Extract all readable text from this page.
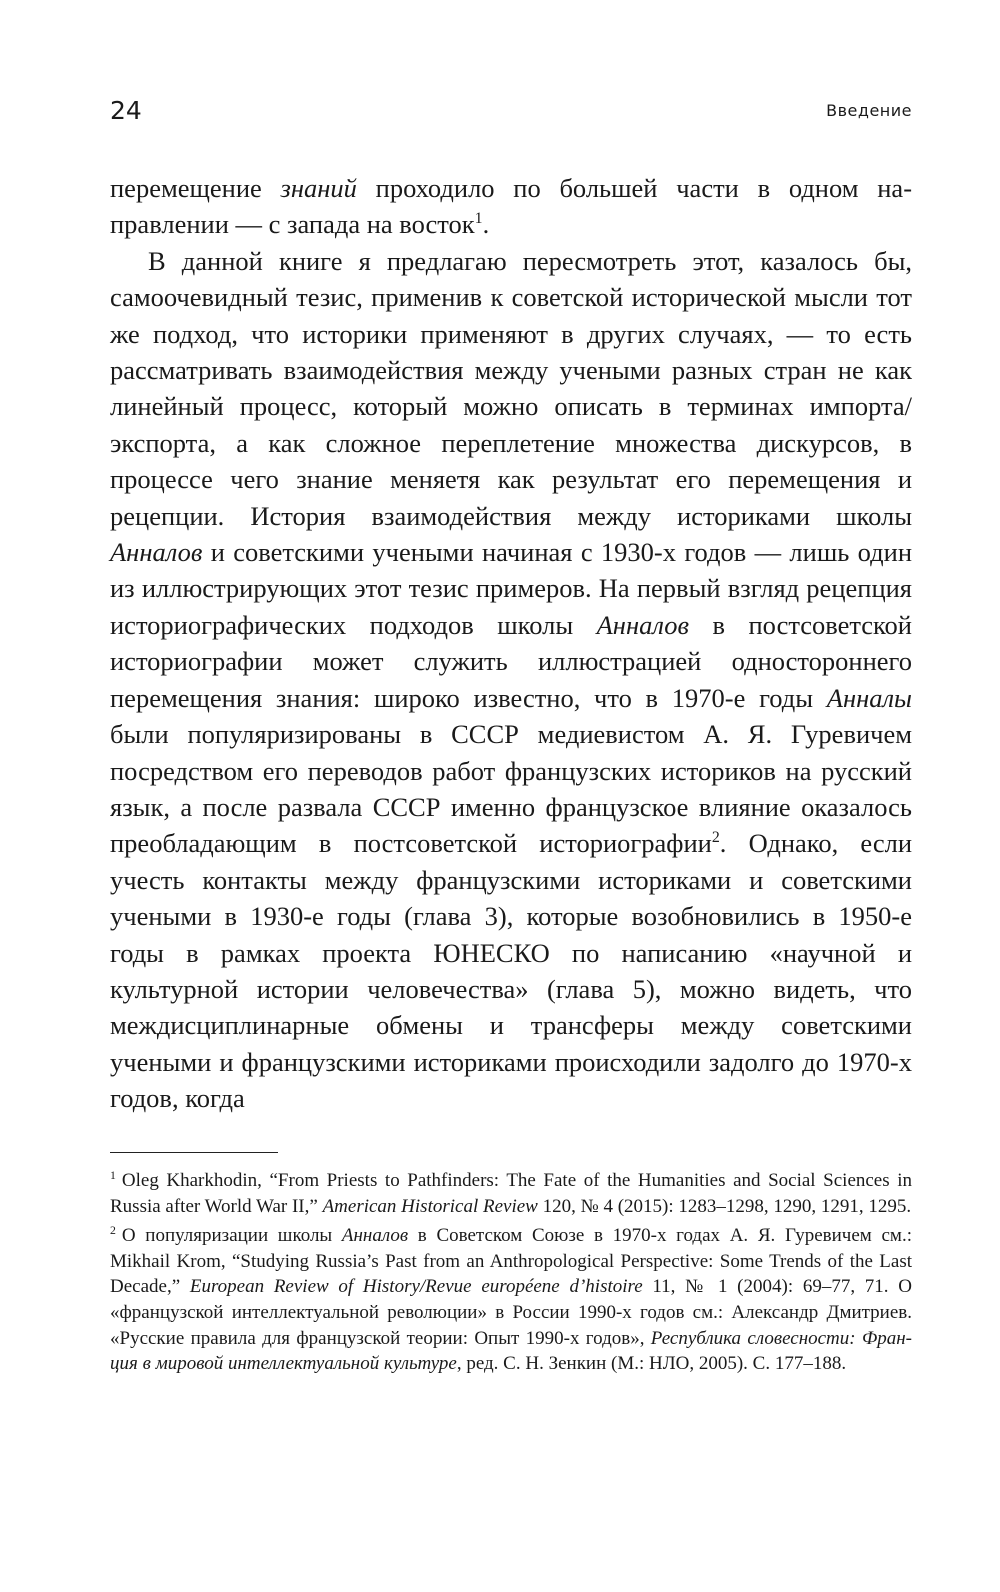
24	Введение

перемещение знаний проходило по большей части в одном направлении — с запада на восток$^1$.

В данной книге я предлагаю пересмотреть этот, казалось бы, самоочевидный тезис, применив к советской исторической мысли тот же подход, что историки применяют в других случаях, — то есть рассматривать взаимодействия между учеными разных стран не как линейный процесс, который можно описать в терминах импорта/экспорта, а как сложное переплетение множества дискурсов, в процессе чего знание меняетя как результат его перемещения и рецепции. История взаимодействия между историками школы Анналов и советскими учеными начиная с 1930-х годов — лишь один из иллюстрирующих этот тезис примеров. На первый взгляд рецепция историографических подходов школы Анналов в постсоветской историографии может служить иллюстрацией одностороннего перемещения знания: широко известно, что в 1970-е годы Анналы были популяризированы в СССР медиевистом А. Я. Гуревичем посредством его переводов работ французских историков на русский язык, а после развала СССР именно французское влияние оказалось преобладающим в постсоветской историографии$^2$. Однако, если учесть контакты между французскими историками и советскими учеными в 1930-е годы (глава 3), которые возобновились в 1950-е годы в рамках проекта ЮНЕСКО по написанию «научной и культурной истории человечества» (глава 5), можно видеть, что междисциплинарные обмены и трансферы между советскими учеными и французскими историками происходили задолго до 1970-х годов, когда

$^1$ Oleg Kharkhodin, “From Priests to Pathfinders: The Fate of the Humanities and Social Sciences in Russia after World War II,” American Historical Review 120, № 4 (2015): 1283–1298, 1290, 1291, 1295.

$^2$ О популяризации школы Анналов в Советском Союзе в 1970-х годах А. Я. Гуревичем см.: Mikhail Krom, “Studying Russia’s Past from an Anthropological Perspective: Some Trends of the Last Decade,” European Review of History/Revue européene d’histoire 11, № 1 (2004): 69–77, 71. О «французской интеллектуальной революции» в России 1990-х годов см.: Александр Дмитриев. «Русские правила для французской теории: Опыт 1990-х годов», Республика словесности: Франция в мировой интеллектуальной культуре, ред. С. Н. Зенкин (М.: НЛО, 2005). С. 177–188.
